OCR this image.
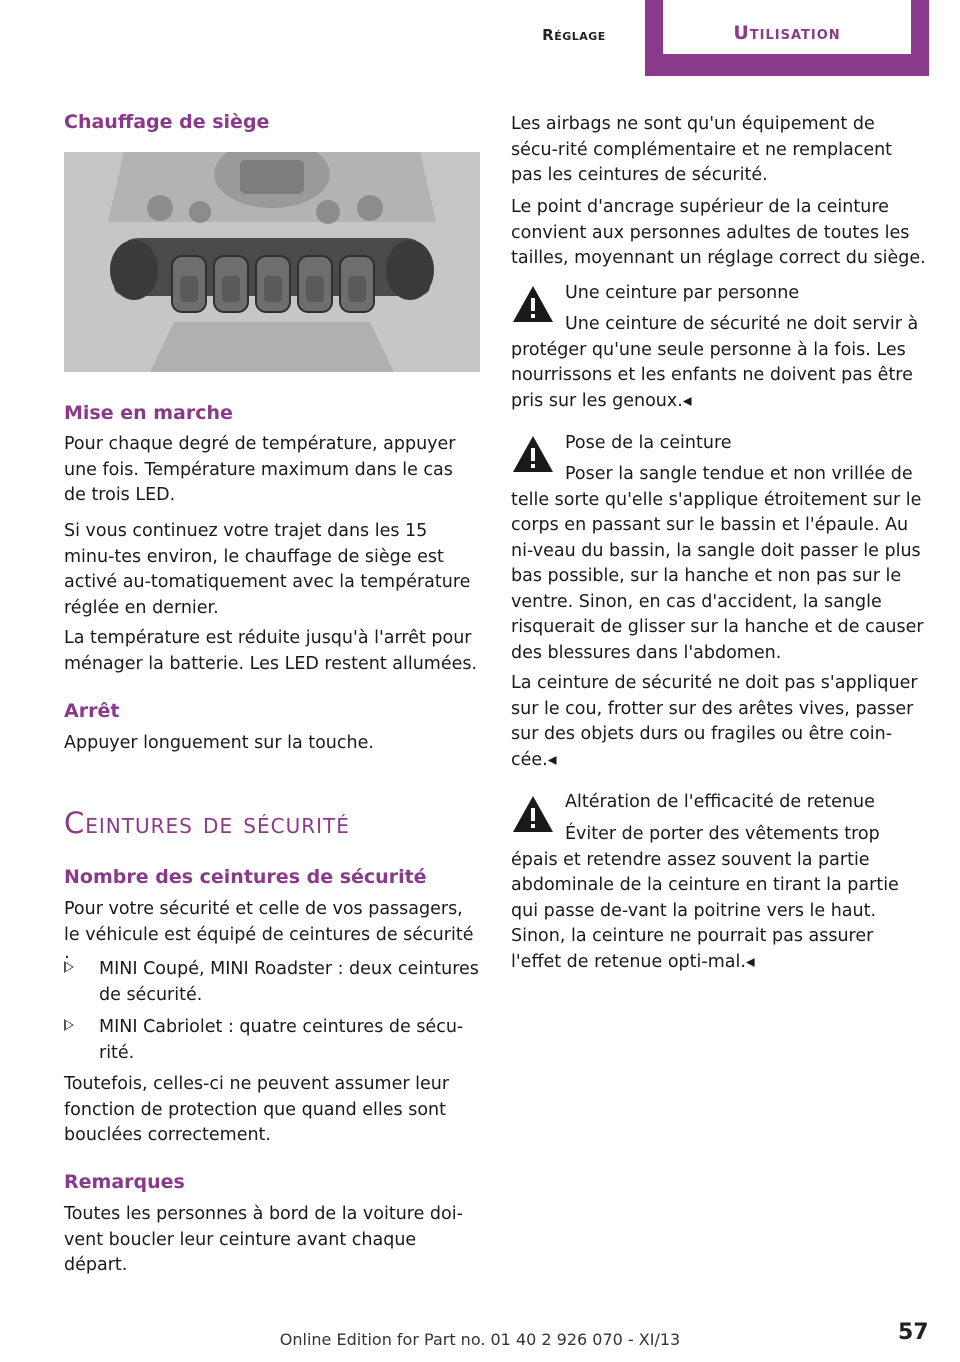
Réglage	Utilisation
Chauffage de siège
Mise en marche

Pour chaque degré de température, appuyer une fois. Température maximum dans le cas de trois LED.

Si vous continuez votre trajet dans les 15 minu-tes environ, le chauffage de siège est activé au-tomatiquement avec la température réglée en dernier.

La température est réduite jusqu'à l'arrêt pour ménager la batterie. Les LED restent allumées.

Arrêt

Appuyer longuement sur la touche.

Ceintures de sécurité
Nombre des ceintures de sécurité

Pour votre sécurité et celle de vos passagers, le véhicule est équipé de ceintures de sécurité :	MINI Coupé, MINI Roadster : deux ceintures de sécurité.
MINI Cabriolet : quatre ceintures de sécu-rité.

Toutefois, celles-ci ne peuvent assumer leur fonction de protection que quand elles sont bouclées correctement.

Remarques

Toutes les personnes à bord de la voiture doi-vent boucler leur ceinture avant chaque départ.

Les airbags ne sont qu'un équipement de sécu-rité complémentaire et ne remplacent pas les ceintures de sécurité.

Le point d'ancrage supérieur de la ceinture convient aux personnes adultes de toutes les tailles, moyennant un réglage correct du siège.

Une ceinture par personne
Une ceinture de sécurité ne doit servir à protéger qu'une seule personne à la fois. Les nourrissons et les enfants ne doivent pas être pris sur les genoux.◂
Pose de la ceinture
Poser la sangle tendue et non vrillée de telle sorte qu'elle s'applique étroitement sur le corps en passant sur le bassin et l'épaule. Au ni-veau du bassin, la sangle doit passer le plus bas possible, sur la hanche et non pas sur le ventre. Sinon, en cas d'accident, la sangle risquerait de glisser sur la hanche et de causer des blessures dans l'abdomen.
La ceinture de sécurité ne doit pas s'appliquer sur le cou, frotter sur des arêtes vives, passer sur des objets durs ou fragiles ou être coin-cée.◂
Altération de l'efficacité de retenue
Éviter de porter des vêtements trop épais et retendre assez souvent la partie abdominale de la ceinture en tirant la partie qui passe de-vant la poitrine vers le haut. Sinon, la ceinture ne pourrait pas assurer l'effet de retenue opti-mal.◂
Online Edition for Part no. 01 40 2 926 070 - XI/13	57
